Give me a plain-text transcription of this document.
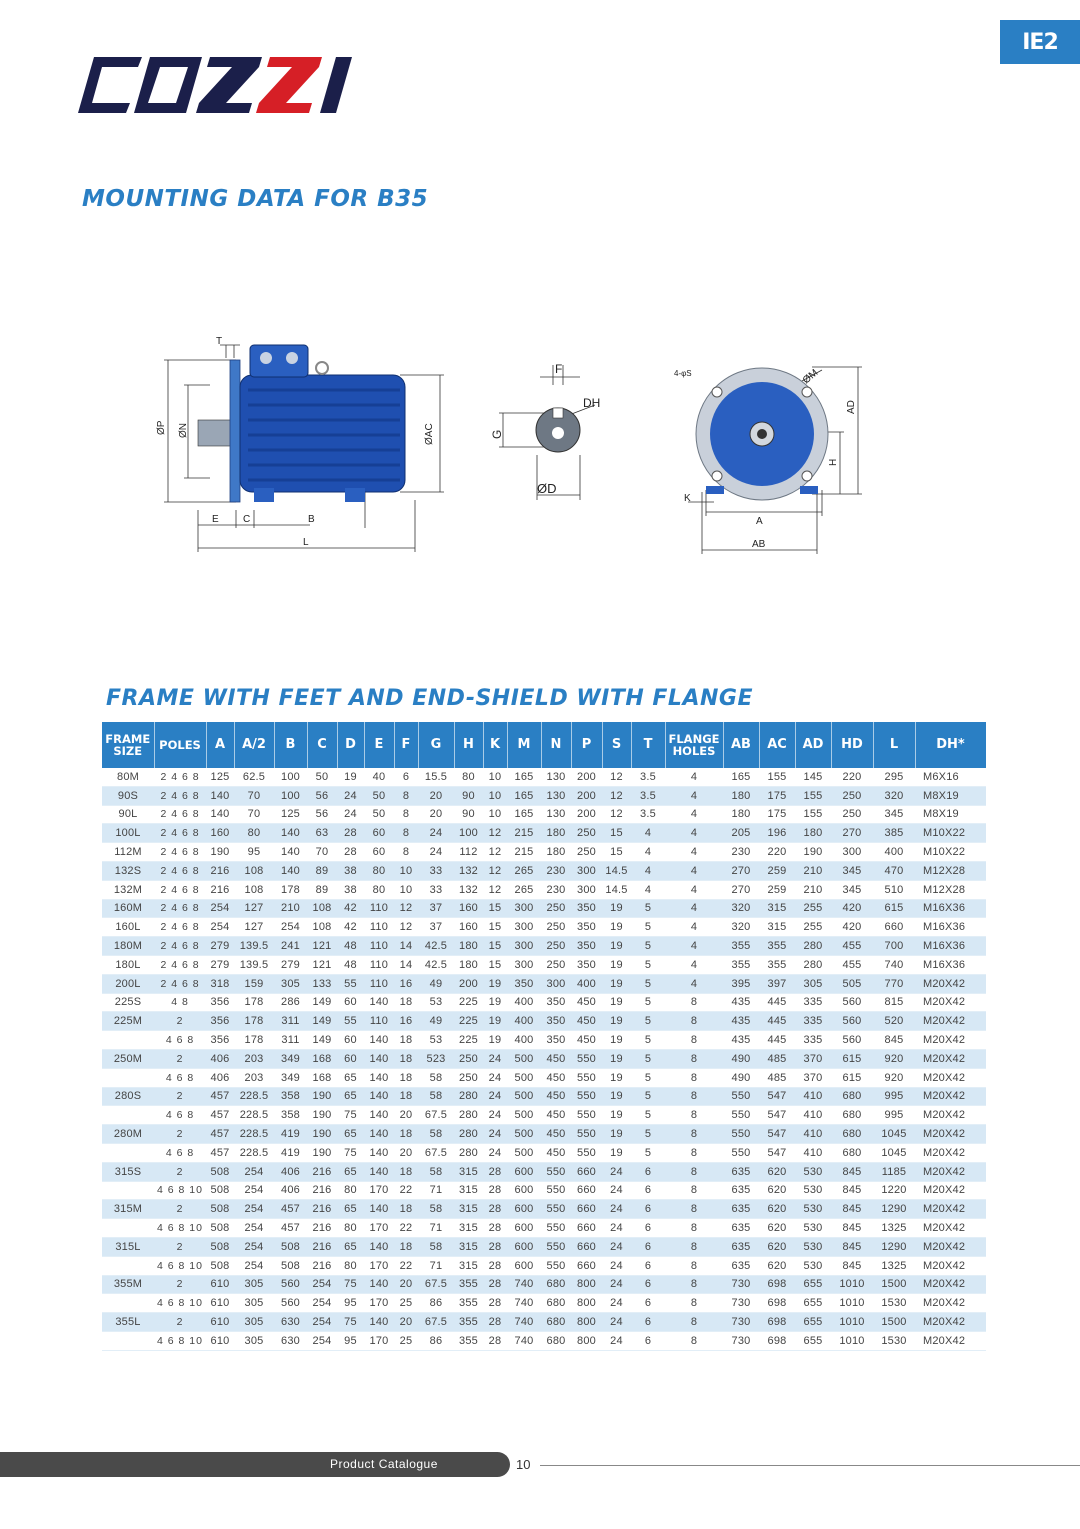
IE2
MOUNTING DATA FOR B35
T
ØP ØN	ØAC
E C	B
L
F
G
DH
ØD
4-φS	ØM
AD
H
K
A
AB
FRAME WITH FEET AND END-SHIELD WITH FLANGE
FRAME
SIZE	POLES	A	A/2	B	C	D	E	F	G	H	K	M	N	P	S	T	FLANGE
HOLES	AB	AC	AD	HD	L	DH*
80M	2 4 6 8	125	62.5	100	50	19	40	6	15.5	80	10	165	130	200	12	3.5	4	165	155	145	220	295	M6X16
90S	2 4 6 8	140	70	100	56	24	50	8	20	90	10	165	130	200	12	3.5	4	180	175	155	250	320	M8X19
90L	2 4 6 8	140	70	125	56	24	50	8	20	90	10	165	130	200	12	3.5	4	180	175	155	250	345	M8X19
100L	2 4 6 8	160	80	140	63	28	60	8	24	100	12	215	180	250	15	4	4	205	196	180	270	385	M10X22
112M	2 4 6 8	190	95	140	70	28	60	8	24	112	12	215	180	250	15	4	4	230	220	190	300	400	M10X22
132S	2 4 6 8	216	108	140	89	38	80	10	33	132	12	265	230	300	14.5	4	4	270	259	210	345	470	M12X28
132M	2 4 6 8	216	108	178	89	38	80	10	33	132	12	265	230	300	14.5	4	4	270	259	210	345	510	M12X28
160M	2 4 6 8	254	127	210	108	42	110	12	37	160	15	300	250	350	19	5	4	320	315	255	420	615	M16X36
160L	2 4 6 8	254	127	254	108	42	110	12	37	160	15	300	250	350	19	5	4	320	315	255	420	660	M16X36
180M	2 4 6 8	279	139.5	241	121	48	110	14	42.5	180	15	300	250	350	19	5	4	355	355	280	455	700	M16X36
180L	2 4 6 8	279	139.5	279	121	48	110	14	42.5	180	15	300	250	350	19	5	4	355	355	280	455	740	M16X36
200L	2 4 6 8	318	159	305	133	55	110	16	49	200	19	350	300	400	19	5	4	395	397	305	505	770	M20X42
225S	4 8	356	178	286	149	60	140	18	53	225	19	400	350	450	19	5	8	435	445	335	560	815	M20X42
225M	2	356	178	311	149	55	110	16	49	225	19	400	350	450	19	5	8	435	445	335	560	520	M20X42
	4 6 8	356	178	311	149	60	140	18	53	225	19	400	350	450	19	5	8	435	445	335	560	845	M20X42
250M	2	406	203	349	168	60	140	18	523	250	24	500	450	550	19	5	8	490	485	370	615	920	M20X42
	4 6 8	406	203	349	168	65	140	18	58	250	24	500	450	550	19	5	8	490	485	370	615	920	M20X42
280S	2	457	228.5	358	190	65	140	18	58	280	24	500	450	550	19	5	8	550	547	410	680	995	M20X42
	4 6 8	457	228.5	358	190	75	140	20	67.5	280	24	500	450	550	19	5	8	550	547	410	680	995	M20X42
280M	2	457	228.5	419	190	65	140	18	58	280	24	500	450	550	19	5	8	550	547	410	680	1045	M20X42
	4 6 8	457	228.5	419	190	75	140	20	67.5	280	24	500	450	550	19	5	8	550	547	410	680	1045	M20X42
315S	2	508	254	406	216	65	140	18	58	315	28	600	550	660	24	6	8	635	620	530	845	1185	M20X42
	4 6 8 10	508	254	406	216	80	170	22	71	315	28	600	550	660	24	6	8	635	620	530	845	1220	M20X42
315M	2	508	254	457	216	65	140	18	58	315	28	600	550	660	24	6	8	635	620	530	845	1290	M20X42
	4 6 8 10	508	254	457	216	80	170	22	71	315	28	600	550	660	24	6	8	635	620	530	845	1325	M20X42
315L	2	508	254	508	216	65	140	18	58	315	28	600	550	660	24	6	8	635	620	530	845	1290	M20X42
	4 6 8 10	508	254	508	216	80	170	22	71	315	28	600	550	660	24	6	8	635	620	530	845	1325	M20X42
355M	2	610	305	560	254	75	140	20	67.5	355	28	740	680	800	24	6	8	730	698	655	1010	1500	M20X42
	4 6 8 10	610	305	560	254	95	170	25	86	355	28	740	680	800	24	6	8	730	698	655	1010	1530	M20X42
355L	2	610	305	630	254	75	140	20	67.5	355	28	740	680	800	24	6	8	730	698	655	1010	1500	M20X42
	4 6 8 10	610	305	630	254	95	170	25	86	355	28	740	680	800	24	6	8	730	698	655	1010	1530	M20X42
Product Catalogue	10
